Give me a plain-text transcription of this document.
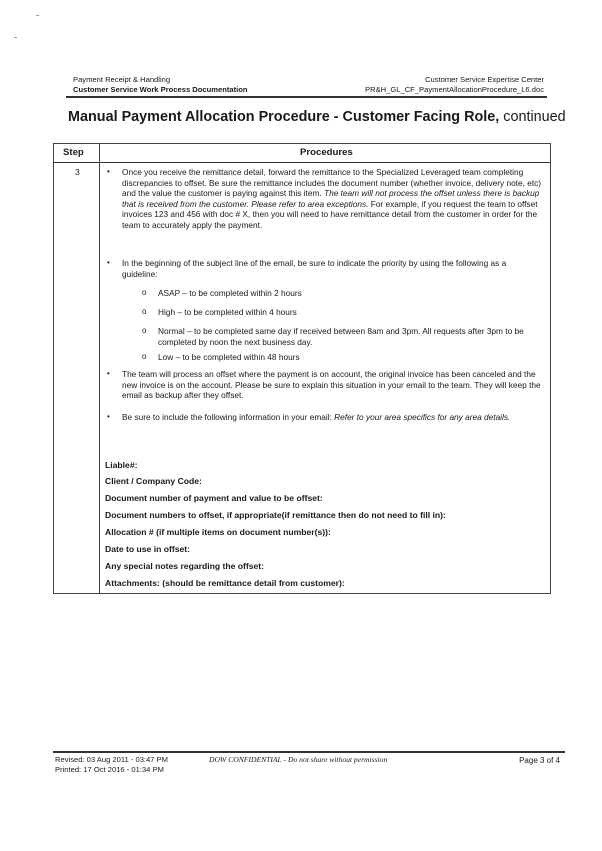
Payment Receipt & Handling
Customer Service Work Process Documentation
Customer Service Expertise Center
PR&H_GL_CF_PaymentAllocationProcedure_L6.doc
Manual Payment Allocation Procedure - Customer Facing Role, continued
Step	Procedures
3	• Once you receive the remittance detail, forward the remittance to the Specialized Leveraged team completing discrepancies to offset. Be sure the remittance includes the document number (whether invoice, delivery note, etc) and the value the customer is paying against this item. The team will not process the offset unless there is backup that is received from the customer. Please refer to area exceptions. For example, if you request the team to offset invoices 123 and 456 with doc # X, then you will need to have remittance detail from the customer in order for the team to accurately apply the payment.
• In the beginning of the subject line of the email, be sure to indicate the priority by using the following as a guideline:
o ASAP – to be completed within 2 hours
o High – to be completed within 4 hours
o Normal – to be completed same day if received between 8am and 3pm. All requests after 3pm to be completed by noon the next business day.
o Low – to be completed within 48 hours
• The team will process an offset where the payment is on account, the original invoice has been canceled and the new invoice is on the account. Please be sure to explain this situation in your email to the team. They will keep the email as backup after they offset.
• Be sure to include the following information in your email: Refer to your area specifics for any area details.
Liable#:
Client / Company Code:
Document number of payment and value to be offset:
Document numbers to offset, if appropriate(if remittance then do not need to fill in):
Allocation # (if multiple items on document number(s)):
Date to use in offset:
Any special notes regarding the offset:
Attachments: (should be remittance detail from customer):
Revised: 03 Aug 2011 - 03:47 PM
Printed: 17 Oct 2016 - 01:34 PM
DOW CONFIDENTIAL - Do not share without permission	Page 3 of 4
